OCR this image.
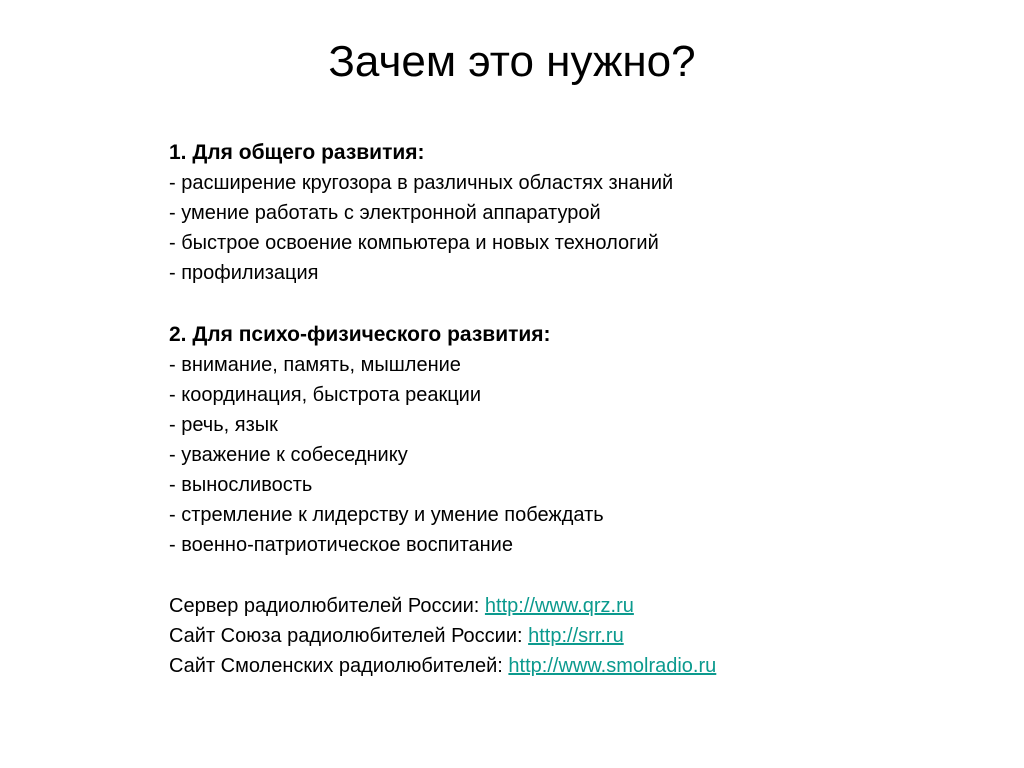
Зачем это нужно?
1. Для общего развития:
- расширение кругозора в различных областях знаний
- умение работать с электронной аппаратурой
- быстрое освоение компьютера и новых технологий
- профилизация
2. Для психо-физического развития:
- внимание, память, мышление
- координация, быстрота реакции
- речь, язык
- уважение к собеседнику
- выносливость
- стремление к лидерству и умение побеждать
- военно-патриотическое воспитание
Сервер радиолюбителей России: http://www.qrz.ru
Сайт Союза радиолюбителей России: http://srr.ru
Сайт Смоленских радиолюбителей: http://www.smolradio.ru
